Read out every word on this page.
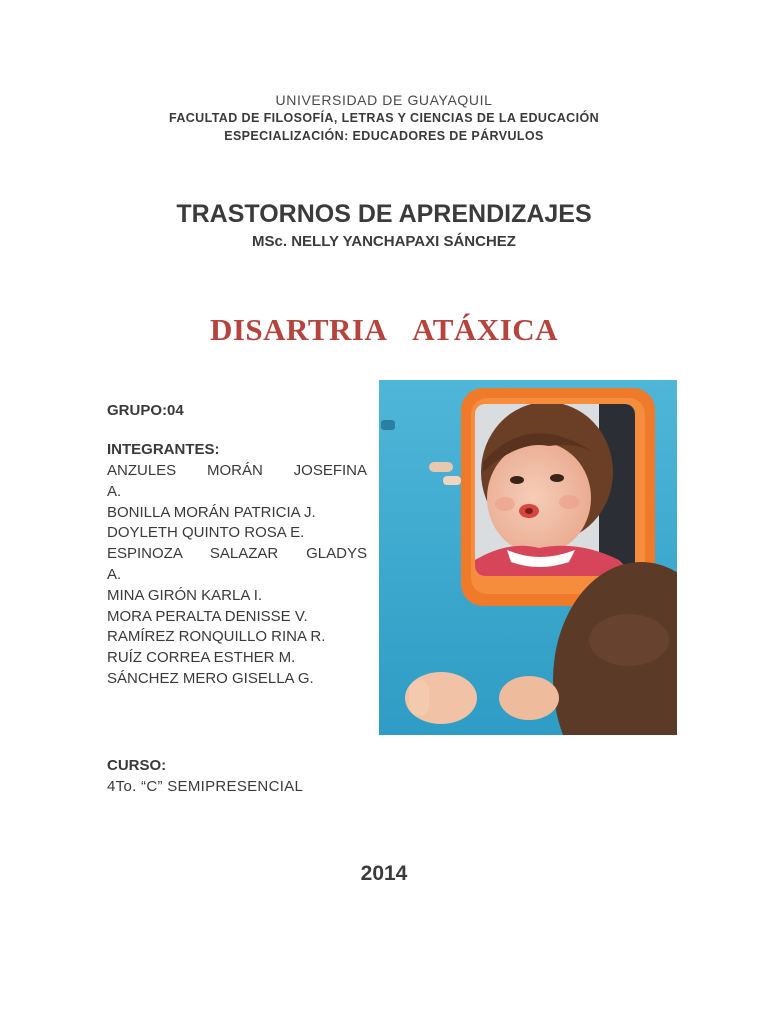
UNIVERSIDAD DE GUAYAQUIL
FACULTAD DE FILOSOFÍA, LETRAS Y CIENCIAS DE LA EDUCACIÓN
ESPECIALIZACIÓN: EDUCADORES DE PÁRVULOS
TRASTORNOS DE APRENDIZAJES
MSc. NELLY YANCHAPAXI SÁNCHEZ
DISARTRIA ATÁXICA
GRUPO:04
INTEGRANTES:
ANZULES MORÁN JOSEFINA
A.
BONILLA MORÁN PATRICIA J.
DOYLETH QUINTO ROSA E.
ESPINOZA SALAZAR GLADYS
A.
MINA GIRÓN KARLA I.
MORA PERALTA DENISSE V.
RAMÍREZ RONQUILLO RINA R.
RUÍZ CORREA ESTHER M.
SÁNCHEZ MERO GISELLA G.
CURSO:
4To. “C” SEMIPRESENCIAL
2014
